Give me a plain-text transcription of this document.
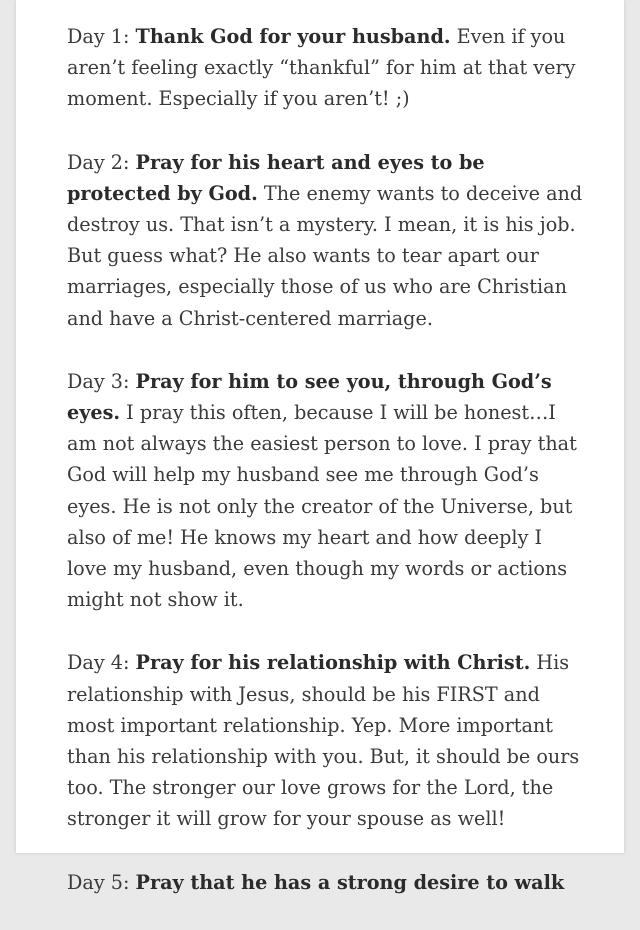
Day 1: Thank God for your husband. Even if you aren’t feeling exactly “thankful” for him at that very moment. Especially if you aren’t! ;)

Day 2: Pray for his heart and eyes to be protected by God. The enemy wants to deceive and destroy us. That isn’t a mystery. I mean, it is his job. But guess what? He also wants to tear apart our marriages, especially those of us who are Christian and have a Christ-centered marriage.

Day 3: Pray for him to see you, through God’s eyes. I pray this often, because I will be honest…I am not always the easiest person to love. I pray that God will help my husband see me through God’s eyes. He is not only the creator of the Universe, but also of me! He knows my heart and how deeply I love my husband, even though my words or actions might not show it.

Day 4: Pray for his relationship with Christ. His relationship with Jesus, should be his FIRST and most important relationship. Yep. More important than his relationship with you. But, it should be ours too. The stronger our love grows for the Lord, the stronger it will grow for your spouse as well!

Day 5: Pray that he has a strong desire to walk
